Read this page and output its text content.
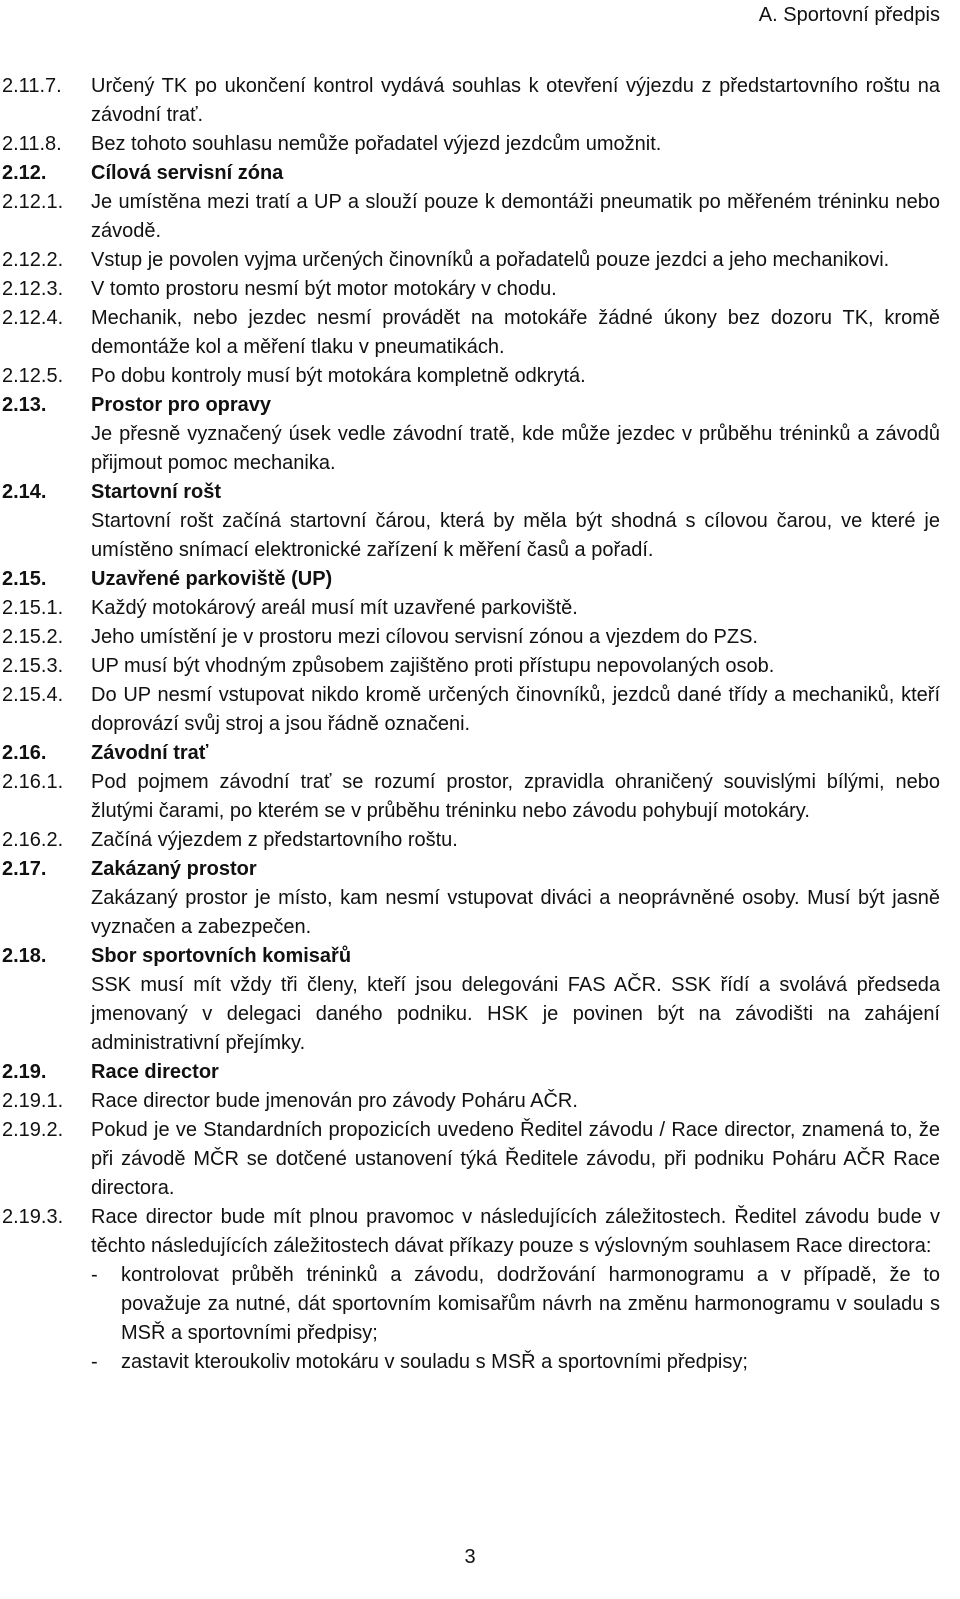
A. Sportovní předpis
2.11.7.	Určený TK po ukončení kontrol vydává souhlas k otevření výjezdu z předstartovního roštu na závodní trať.
2.11.8.	Bez tohoto souhlasu nemůže pořadatel výjezd jezdcům umožnit.
2.12.	Cílová servisní zóna
2.12.1.	Je umístěna mezi tratí a UP a slouží pouze k demontáži pneumatik po měřeném tréninku nebo závodě.
2.12.2.	Vstup je povolen vyjma určených činovníků a pořadatelů pouze jezdci a jeho mechanikovi.
2.12.3.	V tomto prostoru nesmí být motor motokáry v chodu.
2.12.4.	Mechanik, nebo jezdec nesmí provádět na motokáře žádné úkony bez dozoru TK, kromě demontáže kol a měření tlaku v pneumatikách.
2.12.5.	Po dobu kontroly musí být motokára kompletně odkrytá.
2.13.	Prostor pro opravy
Je přesně vyznačený úsek vedle závodní tratě, kde může jezdec v průběhu tréninků a závodů přijmout pomoc mechanika.
2.14.	Startovní rošt
Startovní rošt začíná startovní čárou, která by měla být shodná s cílovou čarou, ve které je umístěno snímací elektronické zařízení k měření časů a pořadí.
2.15.	Uzavřené parkoviště (UP)
2.15.1.	Každý motokárový areál musí mít uzavřené parkoviště.
2.15.2.	Jeho umístění je v prostoru mezi cílovou servisní zónou a vjezdem do PZS.
2.15.3.	UP musí být vhodným způsobem zajištěno proti přístupu nepovolaných osob.
2.15.4.	Do UP nesmí vstupovat nikdo kromě určených činovníků, jezdců dané třídy a mechaniků, kteří doprovází svůj stroj a jsou řádně označeni.
2.16.	Závodní trať
2.16.1.	Pod pojmem závodní trať se rozumí prostor, zpravidla ohraničený souvislými bílými, nebo žlutými čarami, po kterém se v průběhu tréninku nebo závodu pohybují motokáry.
2.16.2.	Začíná výjezdem z předstartovního roštu.
2.17.	Zakázaný prostor
Zakázaný prostor je místo, kam nesmí vstupovat diváci a neoprávněné osoby. Musí být jasně vyznačen a zabezpečen.
2.18.	Sbor sportovních komisařů
SSK musí mít vždy tři členy, kteří jsou delegováni FAS AČR. SSK řídí a svolává předseda jmenovaný v delegaci daného podniku. HSK je povinen být na závodišti na zahájení administrativní přejímky.
2.19.	Race director
2.19.1.	Race director bude jmenován pro závody Poháru AČR.
2.19.2.	Pokud je ve Standardních propozicích uvedeno Ředitel závodu / Race director, znamená to, že při závodě MČR se dotčené ustanovení týká Ředitele závodu, při podniku Poháru AČR Race directora.
2.19.3.	Race director bude mít plnou pravomoc v následujících záležitostech. Ředitel závodu bude v těchto následujících záležitostech dávat příkazy pouze s výslovným souhlasem Race directora:
-	kontrolovat průběh tréninků a závodu, dodržování harmonogramu a v případě, že to považuje za nutné, dát sportovním komisařům návrh na změnu harmonogramu v souladu s MSŘ a sportovními předpisy;
-	zastavit kteroukoliv motokáru v souladu s MSŘ a sportovními předpisy;
3
